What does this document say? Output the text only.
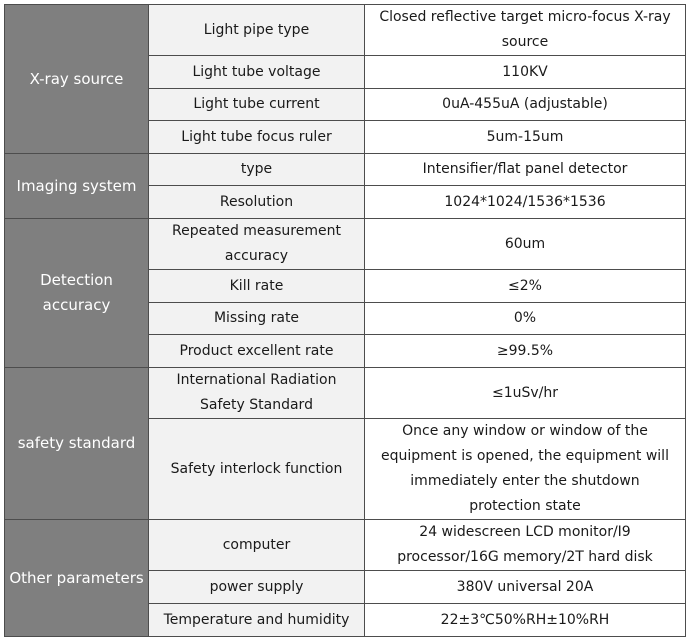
X-ray source	Light pipe type	Closed reflective target micro-focus X-ray source
	Light tube voltage	110KV
	Light tube current	0uA-455uA (adjustable)
	Light tube focus ruler	5um-15um
Imaging system	type	Intensifier/flat panel detector
	Resolution	1024*1024/1536*1536
Detection accuracy	Repeated measurement accuracy	60um
	Kill rate	≤2%
	Missing rate	0%
	Product excellent rate	≥99.5%
safety standard	International Radiation Safety Standard	≤1uSv/hr
	Safety interlock function	Once any window or window of the equipment is opened, the equipment will immediately enter the shutdown protection state
Other parameters	computer	24 widescreen LCD monitor/I9 processor/16G memory/2T hard disk
	power supply	380V universal 20A
	Temperature and humidity	22±3℃50%RH±10%RH
